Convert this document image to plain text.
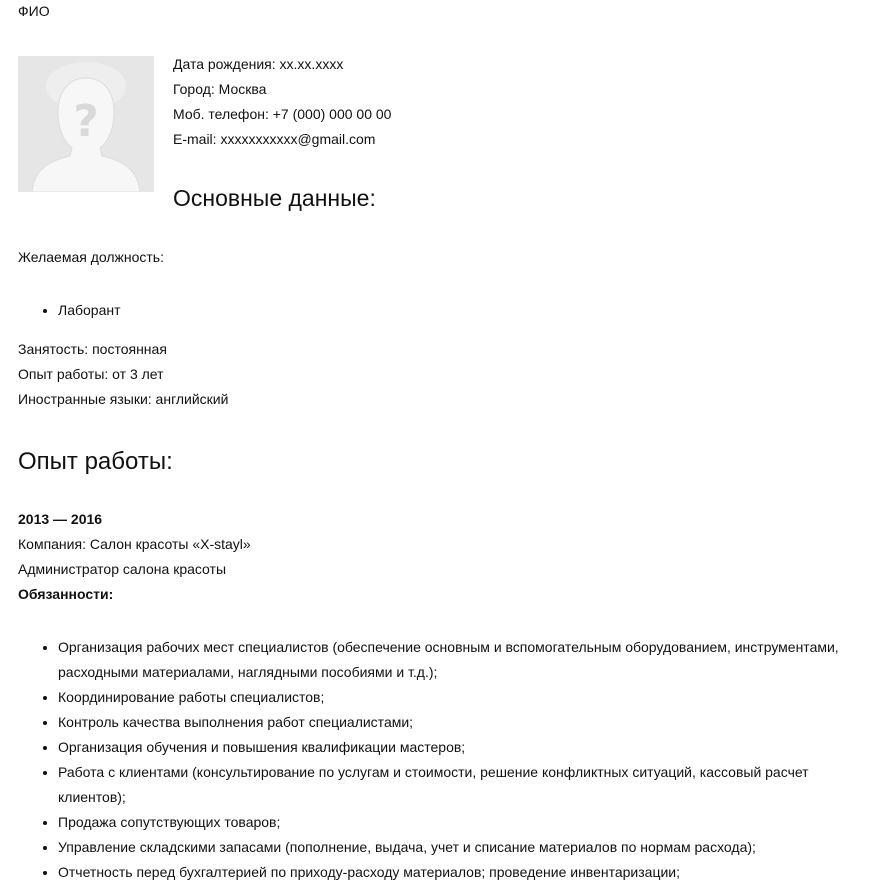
ФИО
?
Дата рождения: xx.xx.xxxx
Город: Москва
Моб. телефон: +7 (000) 000 00 00
E-mail: xxxxxxxxxxx@gmail.com
Основные данные:
Желаемая должность:
• Лаборант
Занятость: постоянная
Опыт работы: от 3 лет
Иностранные языки: английский
Опыт работы:
2013 — 2016
Компания: Салон красоты «X-stayl»
Администратор салона красоты
Обязанности:
• Организация рабочих мест специалистов (обеспечение основным и вспомогательным оборудованием, инструментами, расходными материалами, наглядными пособиями и т.д.);
• Координирование работы специалистов;
• Контроль качества выполнения работ специалистами;
• Организация обучения и повышения квалификации мастеров;
• Работа с клиентами (консультирование по услугам и стоимости, решение конфликтных ситуаций, кассовый расчет клиентов);
• Продажа сопутствующих товаров;
• Управление складскими запасами (пополнение, выдача, учет и списание материалов по нормам расхода);
• Отчетность перед бухгалтерией по приходу-расходу материалов; проведение инвентаризации;
